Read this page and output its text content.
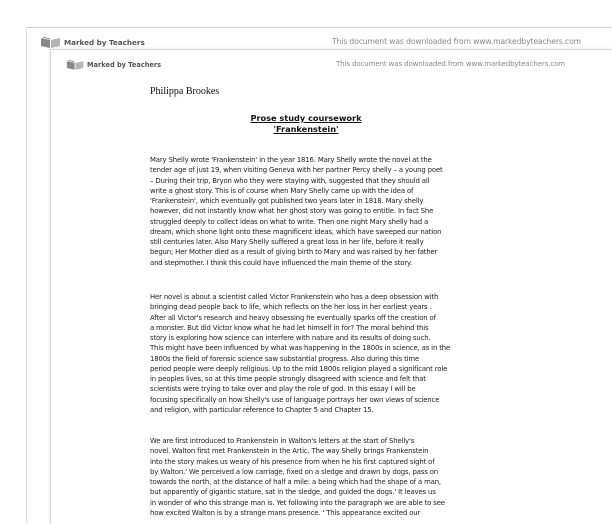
Marked by Teachers	This document was downloaded from www.markedbyteachers.com
Marked by Teachers	This document was downloaded from www.markedbyteachers.com
Philippa Brookes
Prose study coursework
'Frankenstein'
Mary Shelly wrote 'Frankenstein' in the year 1816. Mary Shelly wrote the novel at the
tender age of just 19, when visiting Geneva with her partner Percy shelly – a young poet
– During their trip, Bryon who they were staying with, suggested that they should all
write a ghost story. This is of course when Mary Shelly came up with the idea of
'Frankenstein', which eventually got published two years later in 1818. Mary shelly
however, did not instantly know what her ghost story was going to entitle. In fact She
struggled deeply to collect ideas on what to write. Then one night Mary shelly had a
dream, which shone light onto these magnificent ideas, which have sweeped our nation
still centuries later. Also Mary Shelly suffered a great loss in her life, before it really
begun; Her Mother died as a result of giving birth to Mary and was raised by her father
and stepmother. I think this could have influenced the main theme of the story.
Her novel is about a scientist called Victor Frankenstein who has a deep obsession with
bringing dead people back to life, which reflects on the her loss in her earliest years .
After all Victor's research and heavy obsessing he eventually sparks off the creation of
a monster. But did Victor know what he had let himself in for? The moral behind this
story is exploring how science can interfere with nature and its results of doing such.
This might have been influenced by what was happening in the 1800s in science, as in the
1800s the field of forensic science saw substantial progress. Also during this time
period people were deeply religious. Up to the mid 1800s religion played a significant role
in peoples lives, so at this time people strongly disagreed with science and felt that
scientists were trying to take over and play the role of god. In this essay I will be
focusing specifically on how Shelly's use of language portrays her own views of science
and religion, with particular reference to Chapter 5 and Chapter 15.
We are first introduced to Frankenstein in Walton's letters at the start of Shelly's
novel. Walton first met Frankenstein in the Artic. The way Shelly brings Frankenstein
into the story makes us weary of his presence from when he his first captured sight of
by Walton.' We perceived a low carriage, fixed on a sledge and drawn by dogs, pass on
towards the north, at the distance of half a mile: a being which had the shape of a man,
but apparently of gigantic stature, sat in the sledge, and guided the dogs.' It leaves us
in wonder of who this strange man is. Yet following into the paragraph we are able to see
how excited Walton is by a strange mans presence. ' This appearance excited our
